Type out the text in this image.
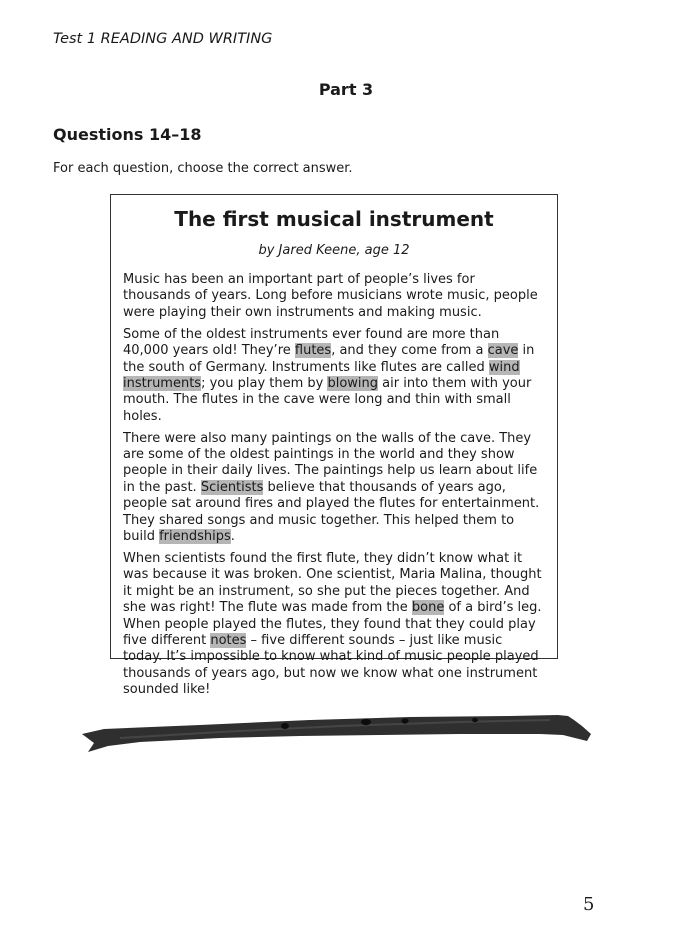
Test 1 READING AND WRITING
Part 3
Questions 14–18
For each question, choose the correct answer.
The first musical instrument
by Jared Keene, age 12

Music has been an important part of people’s lives for thousands of years. Long before musicians wrote music, people were playing their own instruments and making music.

Some of the oldest instruments ever found are more than 40,000 years old! They’re flutes, and they come from a cave in the south of Germany. Instruments like flutes are called wind instruments; you play them by blowing air into them with your mouth. The flutes in the cave were long and thin with small holes.

There were also many paintings on the walls of the cave. They are some of the oldest paintings in the world and they show people in their daily lives. The paintings help us learn about life in the past. Scientists believe that thousands of years ago, people sat around fires and played the flutes for entertainment. They shared songs and music together. This helped them to build friendships.

When scientists found the first flute, they didn’t know what it was because it was broken. One scientist, Maria Malina, thought it might be an instrument, so she put the pieces together. And she was right! The flute was made from the bone of a bird’s leg. When people played the flutes, they found that they could play five different notes – five different sounds – just like music today. It’s impossible to know what kind of music people played thousands of years ago, but now we know what one instrument sounded like!

5
